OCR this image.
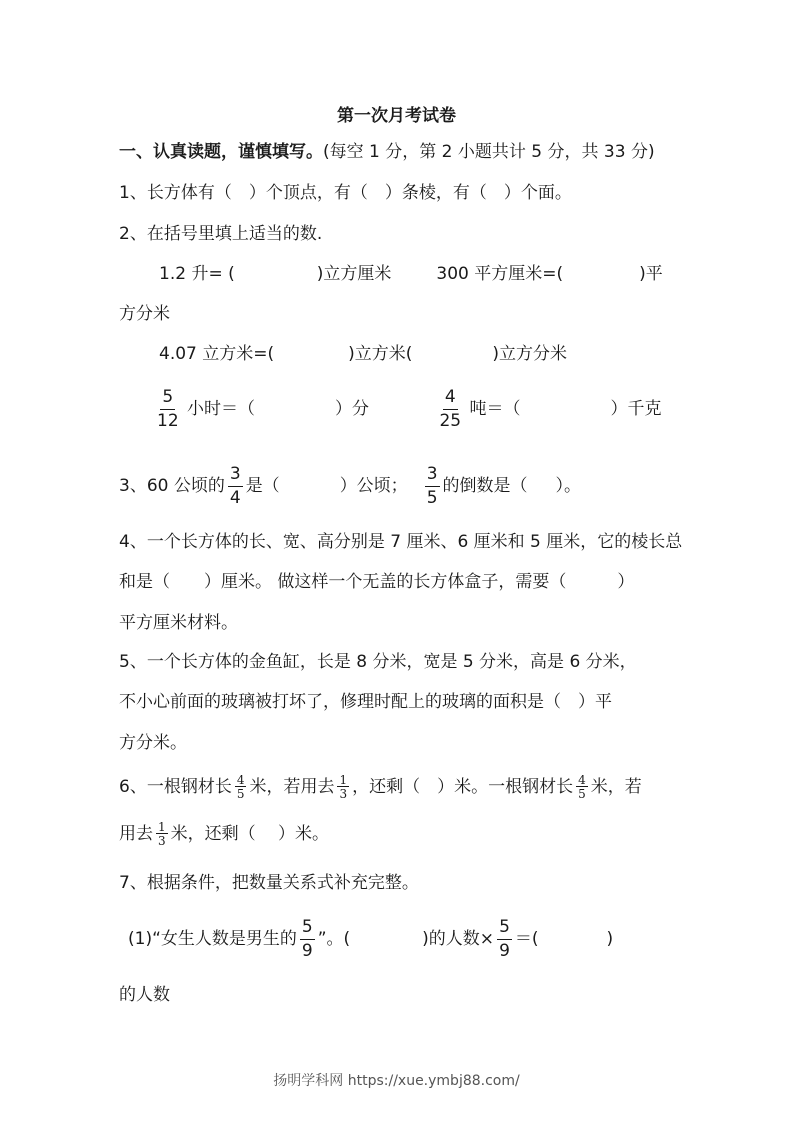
第一次月考试卷
一、认真读题，谨慎填写。(每空 1 分，第 2 小题共计 5 分，共 33 分)
1、长方体有（　）个顶点，有（　）条棱，有（　）个面。
2、在括号里填上适当的数.
1.2 升= (	)立方厘米	300 平方厘米=(	)平
方分米
4.07 立方米=(	)立方米(	)立方分米
$\frac{5}{12}$ 小时＝（	）分	$\frac{4}{25}$ 吨＝（	）千克
3、60 公顷的 $\frac{3}{4}$ 是（	）公顷； $\frac{3}{5}$ 的倒数是（ ）。
4、一个长方体的长、宽、高分别是 7 厘米、6 厘米和 5 厘米，它的棱长总
和是（　　）厘米。 做这样一个无盖的长方体盒子，需要（　　　）
平方厘米材料。
5、一个长方体的金鱼缸，长是 8 分米，宽是 5 分米，高是 6 分米，
不小心前面的玻璃被打坏了，修理时配上的玻璃的面积是（　）平
方分米。
6、一根钢材长 $\frac{4}{5}$ 米，若用去 $\frac{1}{3}$ ，还剩（　）米。一根钢材长 $\frac{4}{5}$ 米，若
用去 $\frac{1}{3}$ 米，还剩（　 ）米。
7、根据条件，把数量关系式补充完整。
(1)“女生人数是男生的 $\frac{5}{9}$ ”。(	)的人数× $\frac{5}{9}$ ＝(	)
的人数
扬明学科网 https://xue.ymbj88.com/
